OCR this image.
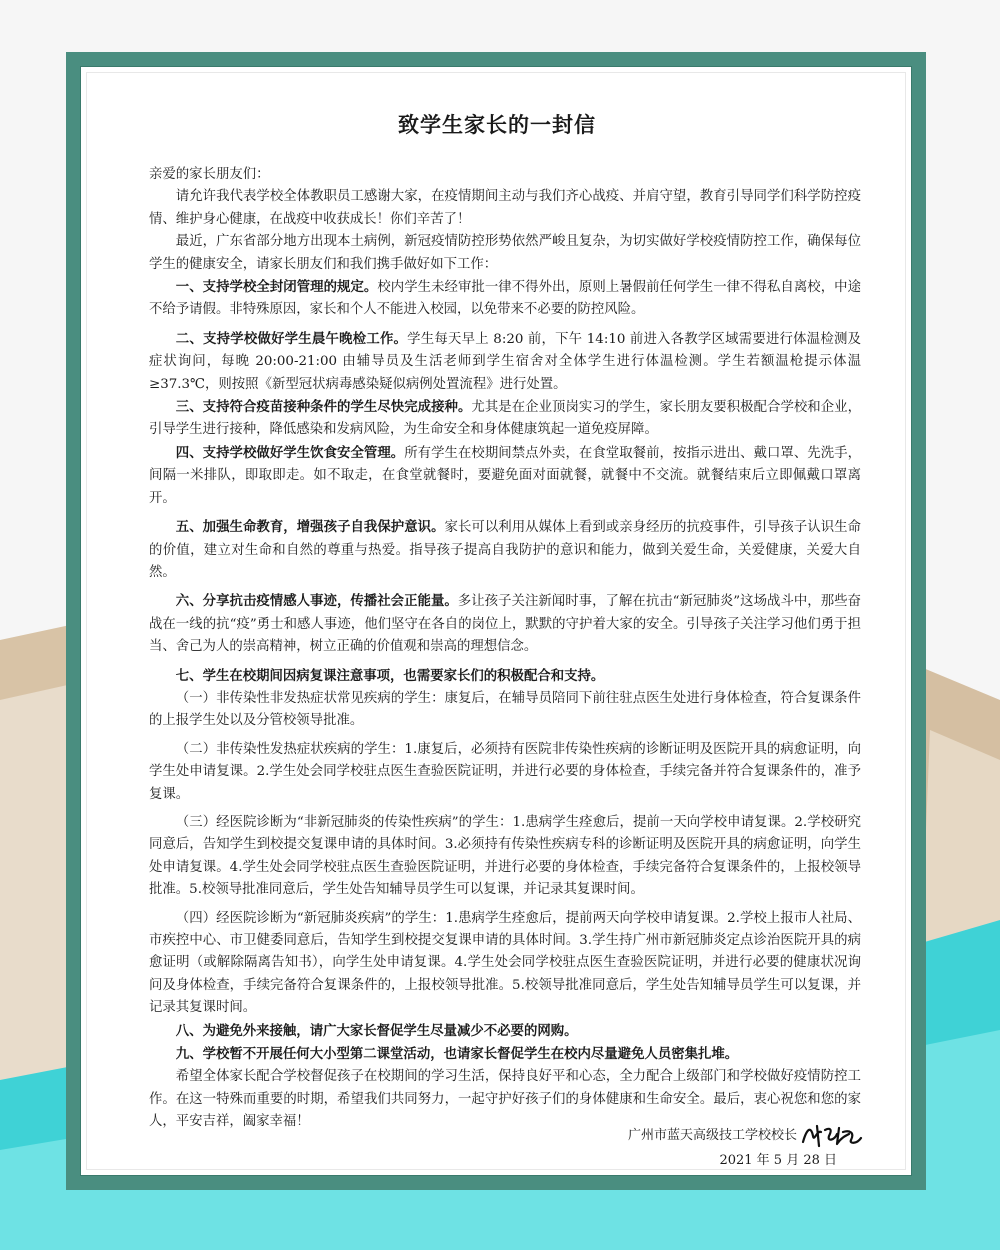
致学生家长的一封信

亲爱的家长朋友们：

请允许我代表学校全体教职员工感谢大家，在疫情期间主动与我们齐心战疫、并肩守望，教育引导同学们科学防控疫情、维护身心健康，在战疫中收获成长！你们辛苦了！

最近，广东省部分地方出现本土病例，新冠疫情防控形势依然严峻且复杂，为切实做好学校疫情防控工作，确保每位学生的健康安全，请家长朋友们和我们携手做好如下工作：

一、支持学校全封闭管理的规定。校内学生未经审批一律不得外出，原则上暑假前任何学生一律不得私自离校，中途不给予请假。非特殊原因，家长和个人不能进入校园，以免带来不必要的防控风险。

二、支持学校做好学生晨午晚检工作。学生每天早上 8:20 前，下午 14:10 前进入各教学区域需要进行体温检测及症状询问，每晚 20:00-21:00 由辅导员及生活老师到学生宿舍对全体学生进行体温检测。学生若额温枪提示体温≥37.3℃，则按照《新型冠状病毒感染疑似病例处置流程》进行处置。

三、支持符合疫苗接种条件的学生尽快完成接种。尤其是在企业顶岗实习的学生，家长朋友要积极配合学校和企业，引导学生进行接种，降低感染和发病风险，为生命安全和身体健康筑起一道免疫屏障。

四、支持学校做好学生饮食安全管理。所有学生在校期间禁点外卖，在食堂取餐前，按指示进出、戴口罩、先洗手，间隔一米排队，即取即走。如不取走，在食堂就餐时，要避免面对面就餐，就餐中不交流。就餐结束后立即佩戴口罩离开。

五、加强生命教育，增强孩子自我保护意识。家长可以利用从媒体上看到或亲身经历的抗疫事件，引导孩子认识生命的价值，建立对生命和自然的尊重与热爱。指导孩子提高自我防护的意识和能力，做到关爱生命，关爱健康，关爱大自然。

六、分享抗击疫情感人事迹，传播社会正能量。多让孩子关注新闻时事，了解在抗击“新冠肺炎”这场战斗中，那些奋战在一线的抗“疫”勇士和感人事迹，他们坚守在各自的岗位上，默默的守护着大家的安全。引导孩子关注学习他们勇于担当、舍己为人的崇高精神，树立正确的价值观和崇高的理想信念。

七、学生在校期间因病复课注意事项，也需要家长们的积极配合和支持。

（一）非传染性非发热症状常见疾病的学生：康复后，在辅导员陪同下前往驻点医生处进行身体检查，符合复课条件的上报学生处以及分管校领导批准。

（二）非传染性发热症状疾病的学生：1.康复后，必须持有医院非传染性疾病的诊断证明及医院开具的病愈证明，向学生处申请复课。2.学生处会同学校驻点医生查验医院证明，并进行必要的身体检查，手续完备并符合复课条件的，准予复课。

（三）经医院诊断为“非新冠肺炎的传染性疾病”的学生：1.患病学生痊愈后，提前一天向学校申请复课。2.学校研究同意后，告知学生到校提交复课申请的具体时间。3.必须持有传染性疾病专科的诊断证明及医院开具的病愈证明，向学生处申请复课。4.学生处会同学校驻点医生查验医院证明，并进行必要的身体检查，手续完备符合复课条件的，上报校领导批准。5.校领导批准同意后，学生处告知辅导员学生可以复课，并记录其复课时间。

（四）经医院诊断为“新冠肺炎疾病”的学生：1.患病学生痊愈后，提前两天向学校申请复课。2.学校上报市人社局、市疾控中心、市卫健委同意后，告知学生到校提交复课申请的具体时间。3.学生持广州市新冠肺炎定点诊治医院开具的病愈证明（或解除隔离告知书），向学生处申请复课。4.学生处会同学校驻点医生查验医院证明，并进行必要的健康状况询问及身体检查，手续完备符合复课条件的，上报校领导批准。5.校领导批准同意后，学生处告知辅导员学生可以复课，并记录其复课时间。

八、为避免外来接触，请广大家长督促学生尽量减少不必要的网购。

九、学校暂不开展任何大小型第二课堂活动，也请家长督促学生在校内尽量避免人员密集扎堆。

希望全体家长配合学校督促孩子在校期间的学习生活，保持良好平和心态，全力配合上级部门和学校做好疫情防控工作。在这一特殊而重要的时期，希望我们共同努力，一起守护好孩子们的身体健康和生命安全。最后，衷心祝您和您的家人，平安吉祥，阖家幸福！

广州市蓝天高级技工学校校长
2021 年 5 月 28 日
